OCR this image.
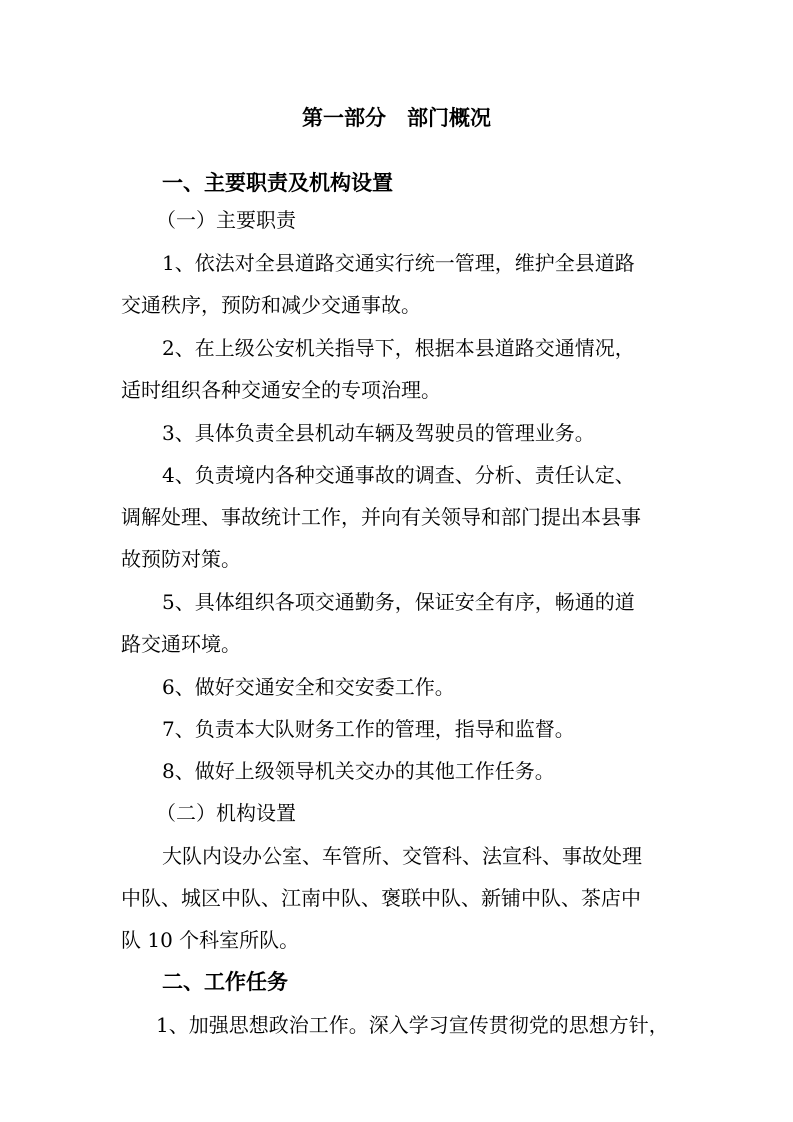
第一部分　部门概况
一、主要职责及机构设置
（一）主要职责
1、依法对全县道路交通实行统一管理，维护全县道路
交通秩序，预防和减少交通事故。
2、在上级公安机关指导下，根据本县道路交通情况，
适时组织各种交通安全的专项治理。
3、具体负责全县机动车辆及驾驶员的管理业务。
4、负责境内各种交通事故的调查、分析、责任认定、
调解处理、事故统计工作，并向有关领导和部门提出本县事
故预防对策。
5、具体组织各项交通勤务，保证安全有序，畅通的道
路交通环境。
6、做好交通安全和交安委工作。
7、负责本大队财务工作的管理，指导和监督。
8、做好上级领导机关交办的其他工作任务。
（二）机构设置
大队内设办公室、车管所、交管科、法宣科、事故处理
中队、城区中队、江南中队、褒联中队、新铺中队、茶店中
队 10 个科室所队。
二、工作任务
1、加强思想政治工作。深入学习宣传贯彻党的思想方针，
